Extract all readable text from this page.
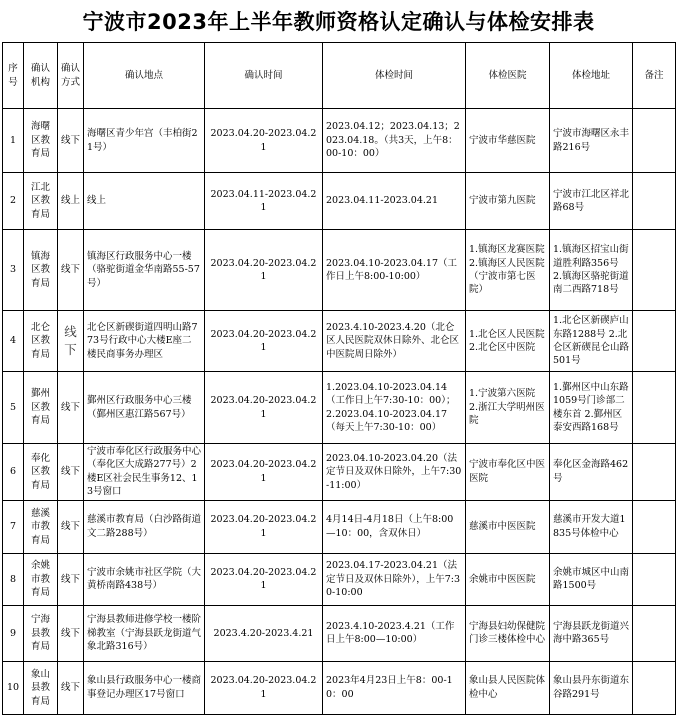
宁波市2023年上半年教师资格认定确认与体检安排表
序号	确认机构	确认方式	确认地点	确认时间	体检时间	体检医院	体检地址	备注
1	海曙区教育局	线下	海曙区青少年宫（丰柏街21号）	2023.04.20-2023.04.21	2023.04.12；2023.04.13；2023.04.18。（共3天，上午8：00-10：00）	宁波市华慈医院	宁波市海曙区永丰路216号	
2	江北区教育局	线上	线上	2023.04.11-2023.04.21	2023.04.11-2023.04.21	宁波市第九医院	宁波市江北区祥北路68号	
3	镇海区教育局	线下	镇海区行政服务中心一楼（骆驼街道金华南路55-57号）	2023.04.20-2023.04.21	2023.04.10-2023.04.17（工作日上午8:00-10:00）	1.镇海区龙赛医院 2.镇海区人民医院（宁波市第七医院）	1.镇海区招宝山街道胜利路356号 2.镇海区骆驼街道南二西路718号	
4	北仑区教育局	线下	北仑区新碶街道四明山路773号行政中心大楼E座二楼民商事务办理区	2023.04.20-2023.04.21	2023.4.10-2023.4.20（北仑区人民医院双休日除外、北仑区中医院周日除外）	1.北仑区人民医院 2.北仑区中医院	1.北仑区新碶庐山东路1288号 2.北仑区新碶昆仑山路501号	
5	鄞州区教育局	线下	鄞州区行政服务中心三楼（鄞州区惠江路567号）	2023.04.20-2023.04.21	1.2023.04.10-2023.04.14（工作日上午7:30-10：00）；2.2023.04.10-2023.04.17（每天上午7:30-10：00）	1.宁波第六医院 2.浙江大学明州医院	1.鄞州区中山东路1059号门诊部二楼东首 2.鄞州区泰安西路168号	
6	奉化区教育局	线下	宁波市奉化区行政服务中心（奉化区大成路277号）2楼E区社会民生事务12、13号窗口	2023.04.20-2023.04.21	2023.04.10-2023.04.20（法定节日及双休日除外，上午7:30-11:00）	宁波市奉化区中医医院	奉化区金海路462号	
7	慈溪市教育局	线下	慈溪市教育局（白沙路街道文二路288号）	2023.04.20-2023.04.21	4月14日-4月18日（上午8:00—10：00，含双休日）	慈溪市中医医院	慈溪市开发大道1835号体检中心	
8	余姚市教育局	线下	宁波市余姚市社区学院（大黄桥南路438号）	2023.04.20-2023.04.21	2023.04.17-2023.04.21（法定节日及双休日除外），上午7:30-10:00	余姚市中医医院	余姚市城区中山南路1500号	
9	宁海县教育局	线下	宁海县教师进修学校一楼阶梯教室（宁海县跃龙街道气象北路316号）	2023.4.20-2023.4.21	2023.4.10-2023.4.21（工作日上午8:00—10:00）	宁海县妇幼保健院门诊三楼体检中心	宁海县跃龙街道兴海中路365号	
10	象山县教育局	线下	象山县行政服务中心一楼商事登记办理区17号窗口	2023.04.20-2023.04.21	2023年4月23日上午8：00-10：00	象山县人民医院体检中心	象山县丹东街道东谷路291号	
